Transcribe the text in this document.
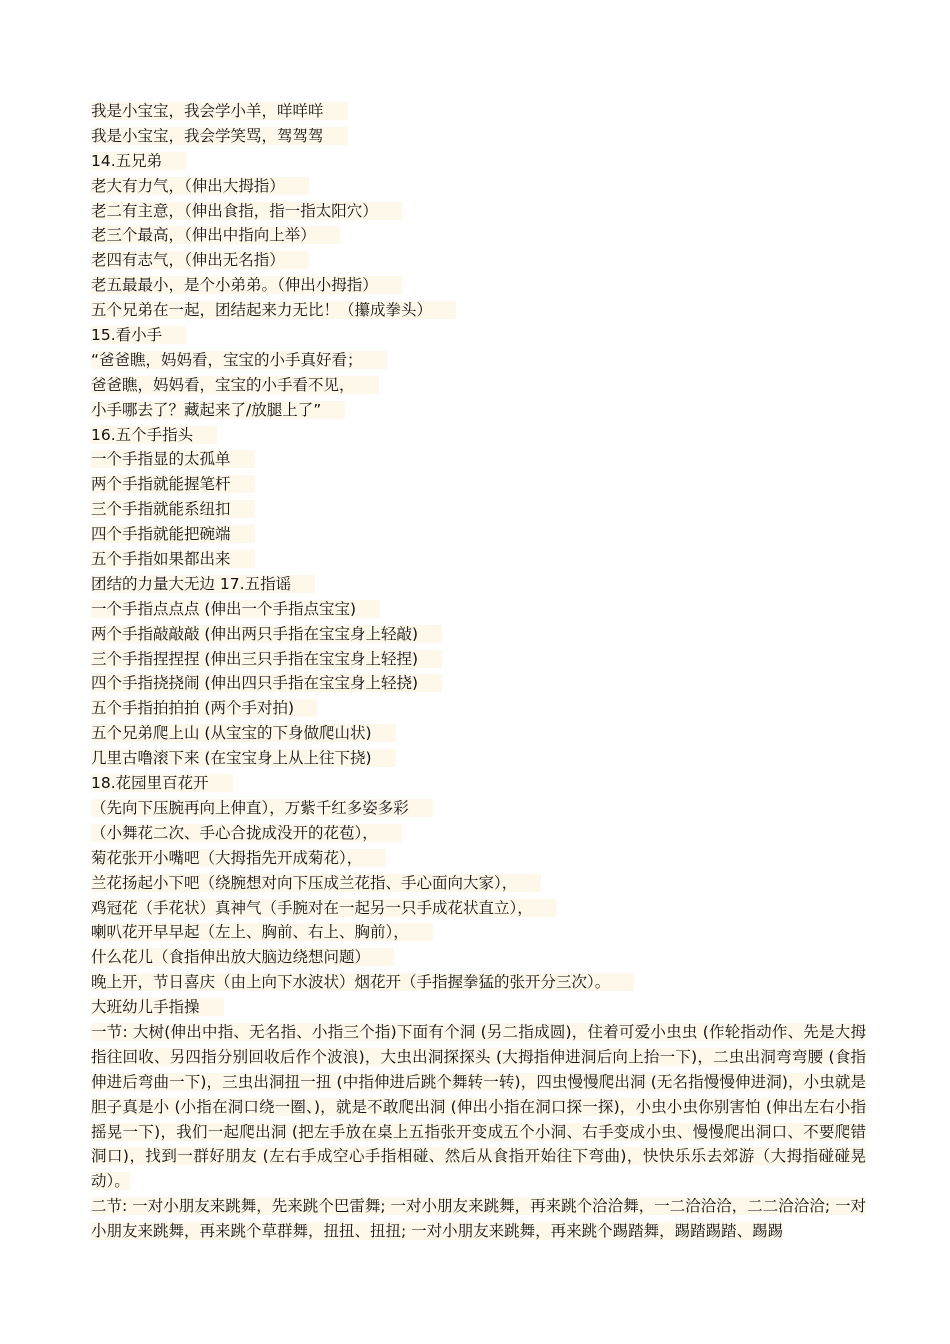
我是小宝宝，我会学小羊，咩咩咩
我是小宝宝，我会学笑骂，驾驾驾
14.五兄弟
老大有力气，（伸出大拇指）
老二有主意，（伸出食指，指一指太阳穴）
老三个最高，（伸出中指向上举）
老四有志气，（伸出无名指）
老五最最小，是个小弟弟。（伸出小拇指）
五个兄弟在一起，团结起来力无比！（攥成拳头）
15.看小手
“爸爸瞧，妈妈看，宝宝的小手真好看；
爸爸瞧，妈妈看，宝宝的小手看不见，
小手哪去了？藏起来了/放腿上了”
16.五个手指头
一个手指显的太孤单
两个手指就能握笔杆
三个手指就能系纽扣
四个手指就能把碗端
五个手指如果都出来
团结的力量大无边 17.五指谣
一个手指点点点 (伸出一个手指点宝宝)
两个手指敲敲敲 (伸出两只手指在宝宝身上轻敲)
三个手指捏捏捏 (伸出三只手指在宝宝身上轻捏)
四个手指挠挠闹 (伸出四只手指在宝宝身上轻挠)
五个手指拍拍拍 (两个手对拍)
五个兄弟爬上山 (从宝宝的下身做爬山状)
几里古噜滚下来 (在宝宝身上从上往下挠)
18.花园里百花开
（先向下压腕再向上伸直），万紫千红多姿多彩
（小舞花二次、手心合拢成没开的花苞），
菊花张开小嘴吧（大拇指先开成菊花），
兰花扬起小下吧（绕腕想对向下压成兰花指、手心面向大家），
鸡冠花（手花状）真神气（手腕对在一起另一只手成花状直立），
喇叭花开早早起（左上、胸前、右上、胸前），
什么花儿（食指伸出放大脑边绕想问题）
晚上开，节日喜庆（由上向下水波状）烟花开（手指握拳猛的张开分三次）。
大班幼儿手指操
一节: 大树(伸出中指、无名指、小指三个指)下面有个洞 (另二指成圆)，住着可爱小虫虫 (作轮指动作、先是大拇指往回收、另四指分别回收后作个波浪)，大虫出洞探探头 (大拇指伸进洞后向上抬一下)，二虫出洞弯弯腰 (食指伸进后弯曲一下)，三虫出洞扭一扭 (中指伸进后跳个舞转一转)，四虫慢慢爬出洞 (无名指慢慢伸进洞)，小虫就是胆子真是小 (小指在洞口绕一圈、)，就是不敢爬出洞 (伸出小指在洞口探一探)，小虫小虫你别害怕 (伸出左右小指摇晃一下)，我们一起爬出洞 (把左手放在桌上五指张开变成五个小洞、右手变成小虫、慢慢爬出洞口、不要爬错洞口)，找到一群好朋友 (左右手成空心手指相碰、然后从食指开始往下弯曲)，快快乐乐去郊游（大拇指碰碰晃动）。
二节: 一对小朋友来跳舞，先来跳个巴雷舞; 一对小朋友来跳舞，再来跳个洽洽舞，一二洽洽洽，二二洽洽洽; 一对小朋友来跳舞，再来跳个草群舞，扭扭、扭扭; 一对小朋友来跳舞，再来跳个踢踏舞，踢踏踢踏、踢踢
